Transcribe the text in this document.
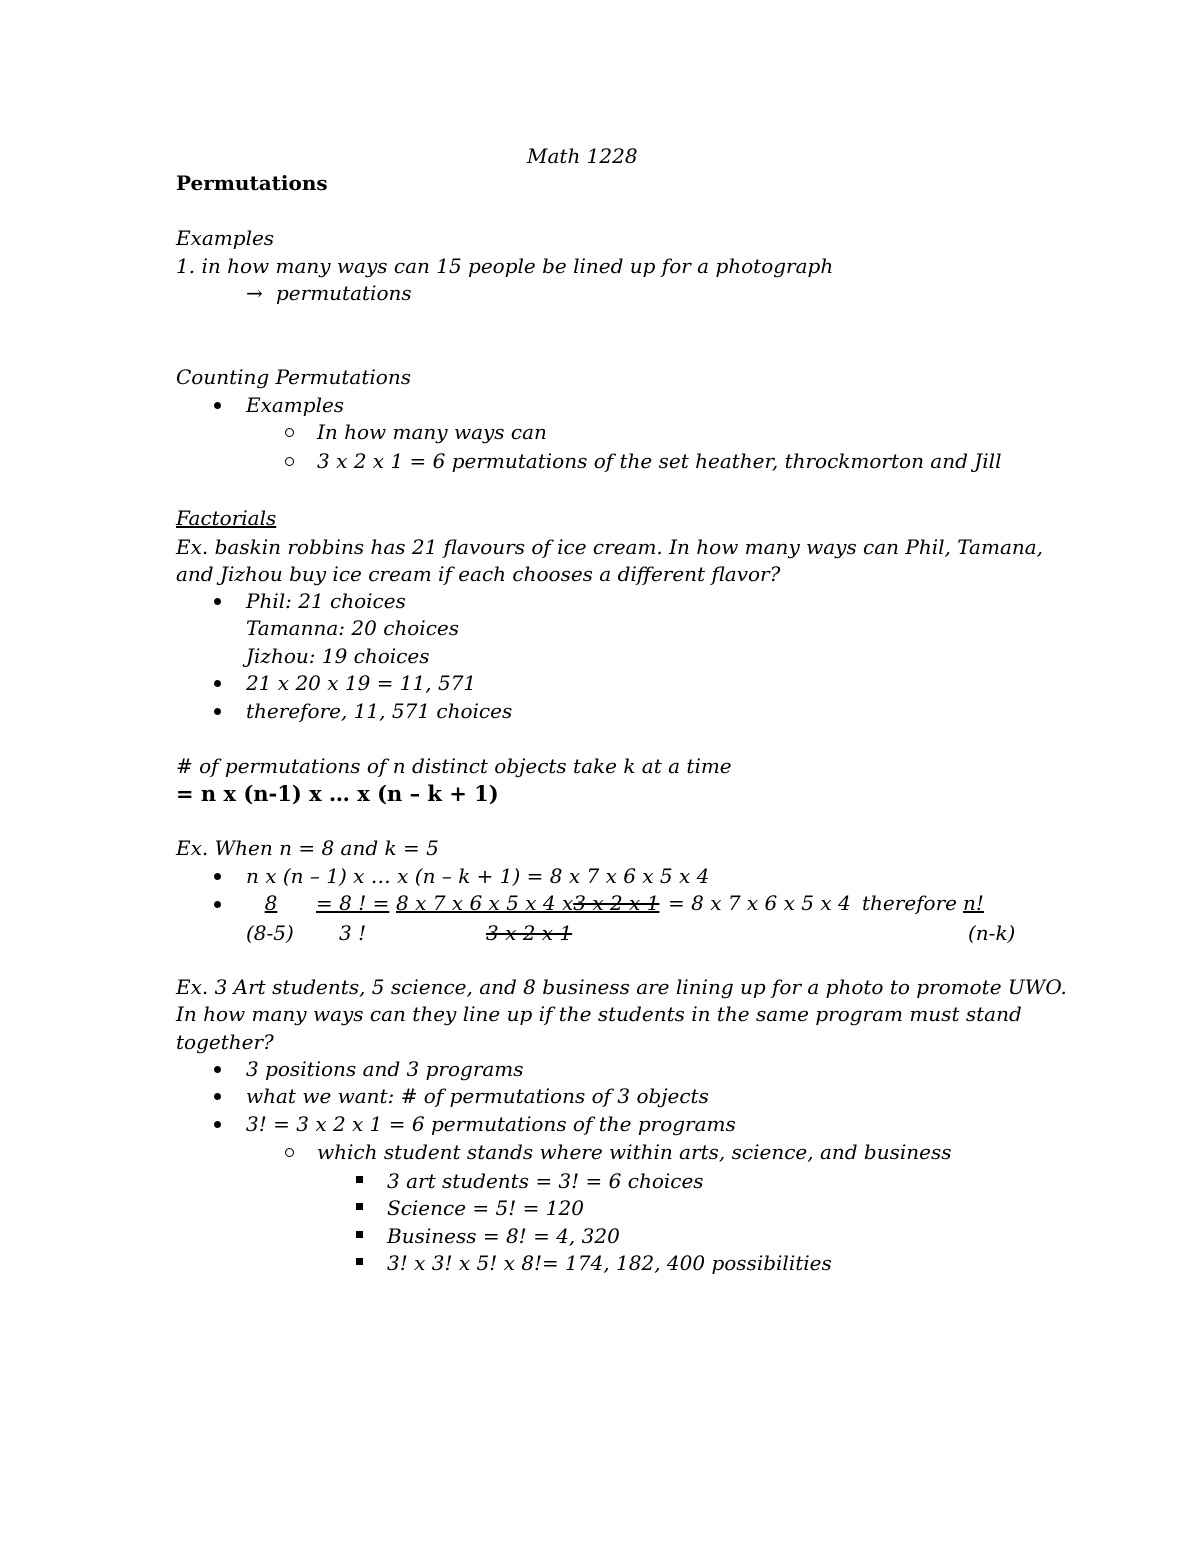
Math 1228
Permutations
Examples
1. in how many ways can 15 people be lined up for a photograph
→ permutations
Counting Permutations
Examples
In how many ways can
3 x 2 x 1 = 6 permutations of the set heather, throckmorton and Jill
Factorials
Ex. baskin robbins has 21 flavours of ice cream. In how many ways can Phil, Tamana,
and Jizhou buy ice cream if each chooses a different flavor?
Phil: 21 choices
Tamanna: 20 choices
Jizhou: 19 choices
21 x 20 x 19 = 11, 571
therefore, 11, 571 choices
# of permutations of n distinct objects take k at a time
= n x (n-1) x … x (n – k + 1)
Ex. When n = 8 and k = 5
n x (n – 1) x … x (n – k + 1) = 8 x 7 x 6 x 5 x 4
8
(8-5)
= 8 ! =
3 !
8 x 7 x 6 x 5 x 4 x3 x 2 x 1
3 x 2 x 1
= 8 x 7 x 6 x 5 x 4 therefore n!
(n-k)
Ex. 3 Art students, 5 science, and 8 business are lining up for a photo to promote UWO.
In how many ways can they line up if the students in the same program must stand
together?
3 positions and 3 programs
what we want: # of permutations of 3 objects
3! = 3 x 2 x 1 = 6 permutations of the programs
which student stands where within arts, science, and business
3 art students = 3! = 6 choices
Science = 5! = 120
Business = 8! = 4, 320
3! x 3! x 5! x 8!= 174, 182, 400 possibilities
